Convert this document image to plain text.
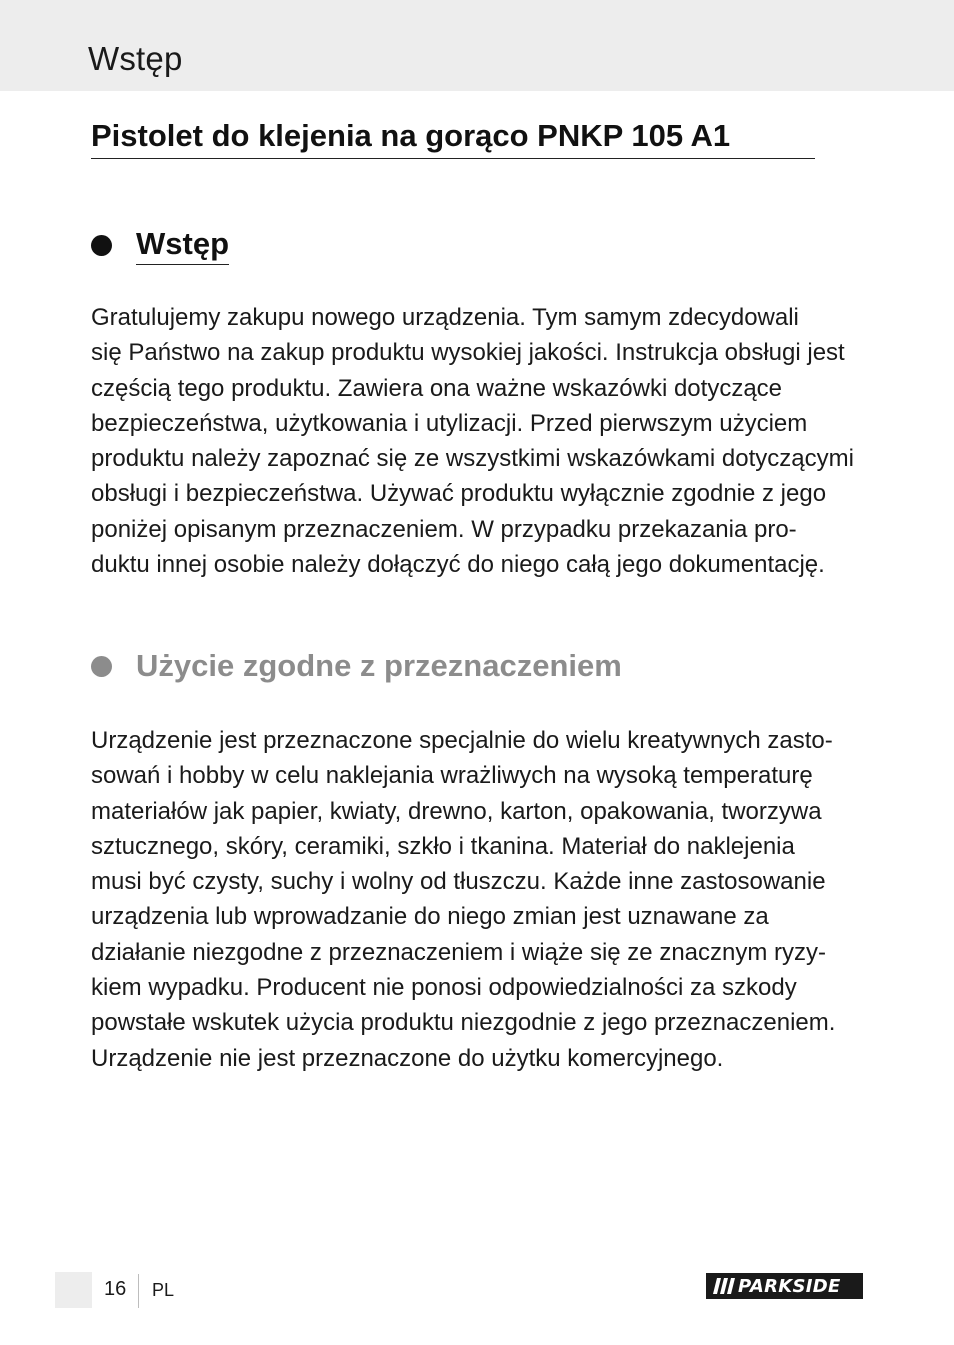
Wstęp
Pistolet do klejenia na gorąco PNKP 105 A1
Wstęp
Gratulujemy zakupu nowego urządzenia. Tym samym zdecydowali
się Państwo na zakup produktu wysokiej jakości. Instrukcja obsługi jest
częścią tego produktu. Zawiera ona ważne wskazówki dotyczące
bezpieczeństwa, użytkowania i utylizacji. Przed pierwszym użyciem
produktu należy zapoznać się ze wszystkimi wskazówkami dotyczącymi
obsługi i bezpieczeństwa. Używać produktu wyłącznie zgodnie z jego
poniżej opisanym przeznaczeniem. W przypadku przekazania pro-
duktu innej osobie należy dołączyć do niego całą jego dokumentację.
Użycie zgodne z przeznaczeniem
Urządzenie jest przeznaczone specjalnie do wielu kreatywnych zasto-
sowań i hobby w celu naklejania wrażliwych na wysoką temperaturę
materiałów jak papier, kwiaty, drewno, karton, opakowania, tworzywa
sztucznego, skóry, ceramiki, szkło i tkanina. Materiał do naklejenia
musi być czysty, suchy i wolny od tłuszczu. Każde inne zastosowanie
urządzenia lub wprowadzanie do niego zmian jest uznawane za
działanie niezgodne z przeznaczeniem i wiąże się ze znacznym ryzy-
kiem wypadku. Producent nie ponosi odpowiedzialności za szkody
powstałe wskutek użycia produktu niezgodnie z jego przeznaczeniem.
Urządzenie nie jest przeznaczone do użytku komercyjnego.
16 PL	PARKSIDE
